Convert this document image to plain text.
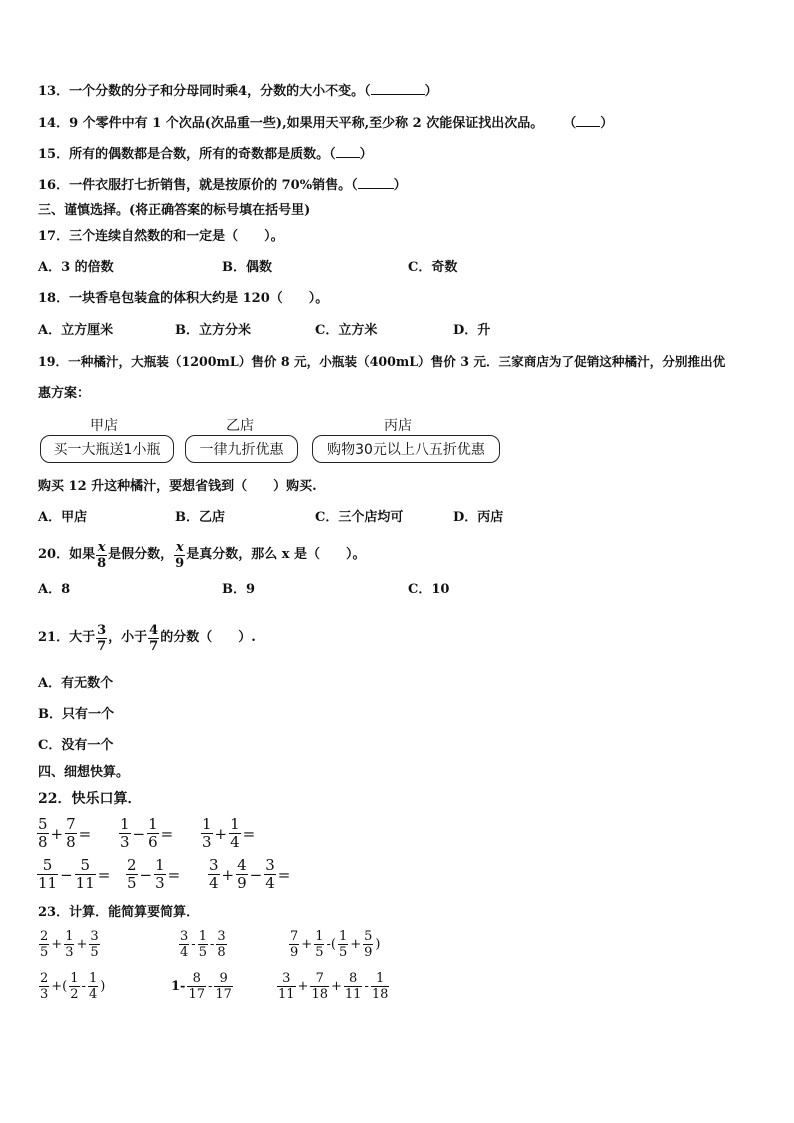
13．一个分数的分子和分母同时乘4，分数的大小不变。（	）
14．9 个零件中有 1 个次品(次品重一些),如果用天平称,至少称 2 次能保证找出次品。 （ ）
15．所有的偶数都是合数，所有的奇数都是质数。（ ）
16．一件衣服打七折销售，就是按原价的 70%销售。（	）
三、谨慎选择。(将正确答案的标号填在括号里)
17．三个连续自然数的和一定是（　　）。
A．3 的倍数	B．偶数	C．奇数
18．一块香皂包装盒的体积大约是 120（　　）。
A．立方厘米	B．立方分米	C．立方米	D．升
19．一种橘汁，大瓶装（1200mL）售价 8 元，小瓶装（400mL）售价 3 元．三家商店为了促销这种橘汁，分别推出优
惠方案：
甲店	乙店	丙店
买一大瓶送1小瓶	一律九折优惠	购物30元以上八五折优惠
购买 12 升这种橘汁，要想省钱到（　　）购买.
A．甲店	B．乙店	C．三个店均可	D．丙店
20． 如果 $\frac{x}{8}$ 是假分数， $\frac{x}{9}$ 是真分数，那么 x 是（　　）。
A．8	B．9	C．10
21． 大于 $\frac{3}{7}$ ，小于 $\frac{4}{7}$ 的分数（　　）.
A．有无数个
B．只有一个
C．没有一个
四、细想快算。
22．快乐口算．
$\frac{5}{8} + \frac{7}{8} = \frac{1}{3} - \frac{1}{6} = \frac{1}{3} + \frac{1}{4}$ =
$\frac{5}{11} - \frac{5}{11} = \frac{2}{5} - \frac{1}{3} = \frac{3}{4} + \frac{4}{9} - \frac{3}{4}$ =
23．计算．能简算要简算．
$\frac{2}{5} + \frac{1}{3} + \frac{3}{5}$	$\frac{3}{4} - \frac{1}{5} - \frac{3}{8}$	$\frac{7}{9} + \frac{1}{5}$ -( $\frac{1}{5} + \frac{5}{9}$ )
$\frac{2}{3}$ +( $\frac{1}{2} - \frac{1}{4}$ )	$1- \frac{8}{17} - \frac{9}{17}$	$\frac{3}{11} + \frac{7}{18} + \frac{8}{11} - \frac{1}{18}$
